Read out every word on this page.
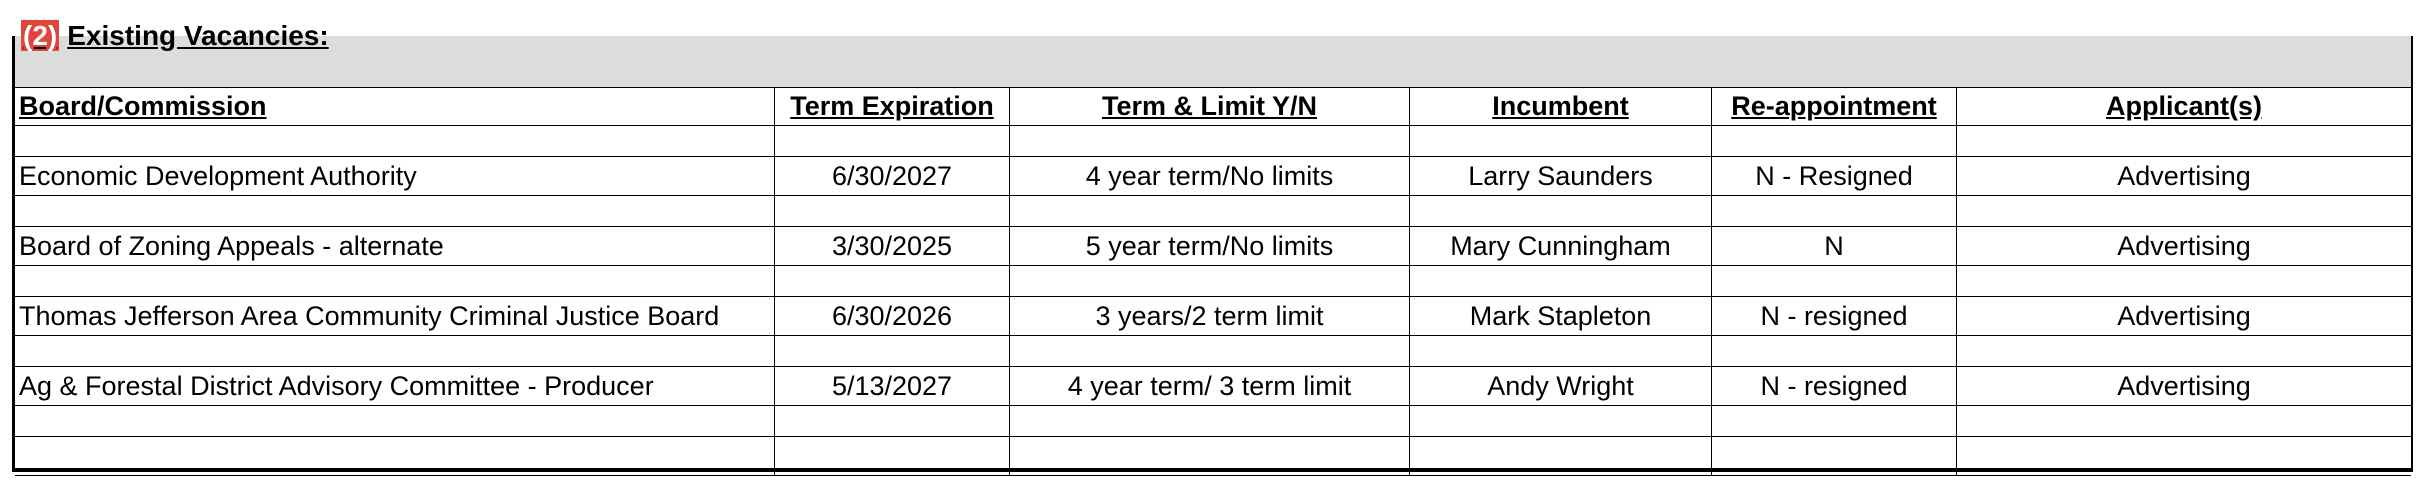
(2) Existing Vacancies:
Board/Commission	Term Expiration	Term & Limit Y/N	Incumbent	Re-appointment	Applicant(s)
Economic Development Authority	6/30/2027	4 year term/No limits	Larry Saunders	N - Resigned	Advertising
Board of Zoning Appeals - alternate	3/30/2025	5 year term/No limits	Mary Cunningham	N	Advertising
Thomas Jefferson Area Community Criminal Justice Board	6/30/2026	3 years/2 term limit	Mark Stapleton	N - resigned	Advertising
Ag & Forestal District Advisory Committee - Producer	5/13/2027	4 year term/ 3 term limit	Andy Wright	N - resigned	Advertising
